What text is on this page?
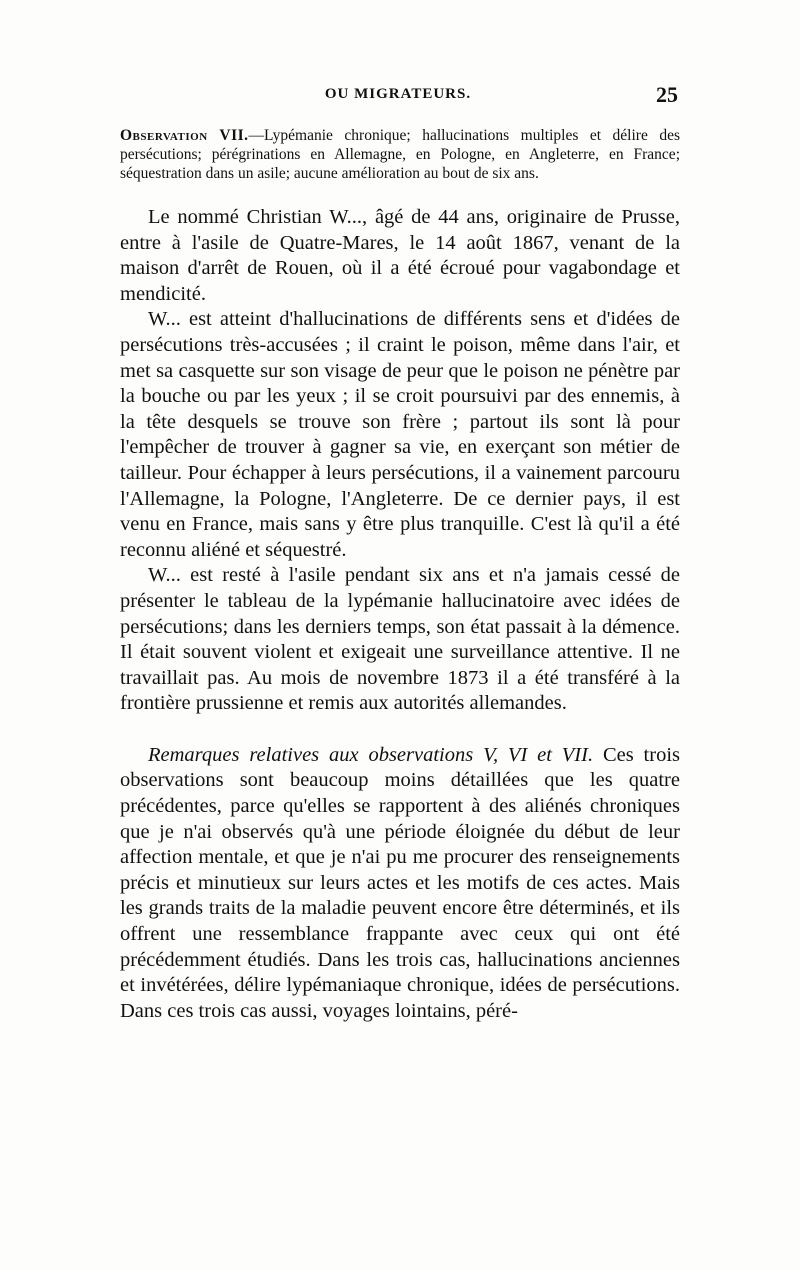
OU MIGRATEURS.	25
Observation VII.—Lypémanie chronique; hallucinations multiples et délire des persécutions; pérégrinations en Allemagne, en Pologne, en Angleterre, en France; séquestration dans un asile; aucune amélioration au bout de six ans.

Le nommé Christian W..., âgé de 44 ans, originaire de Prusse, entre à l'asile de Quatre-Mares, le 14 août 1867, venant de la maison d'arrêt de Rouen, où il a été écroué pour vagabondage et mendicité.

W... est atteint d'hallucinations de différents sens et d'idées de persécutions très-accusées ; il craint le poison, même dans l'air, et met sa casquette sur son visage de peur que le poison ne pénètre par la bouche ou par les yeux ; il se croit poursuivi par des ennemis, à la tête desquels se trouve son frère ; partout ils sont là pour l'empêcher de trouver à gagner sa vie, en exerçant son métier de tailleur. Pour échapper à leurs persécutions, il a vainement parcouru l'Allemagne, la Pologne, l'Angleterre. De ce dernier pays, il est venu en France, mais sans y être plus tranquille. C'est là qu'il a été reconnu aliéné et séquestré.

W... est resté à l'asile pendant six ans et n'a jamais cessé de présenter le tableau de la lypémanie hallucinatoire avec idées de persécutions; dans les derniers temps, son état passait à la démence. Il était souvent violent et exigeait une surveillance attentive. Il ne travaillait pas. Au mois de novembre 1873 il a été transféré à la frontière prussienne et remis aux autorités allemandes.

Remarques relatives aux observations V, VI et VII. Ces trois observations sont beaucoup moins détaillées que les quatre précédentes, parce qu'elles se rapportent à des aliénés chroniques que je n'ai observés qu'à une période éloignée du début de leur affection mentale, et que je n'ai pu me procurer des renseignements précis et minutieux sur leurs actes et les motifs de ces actes. Mais les grands traits de la maladie peuvent encore être déterminés, et ils offrent une ressemblance frappante avec ceux qui ont été précédemment étudiés. Dans les trois cas, hallucinations anciennes et invétérées, délire lypémaniaque chronique, idées de persécutions. Dans ces trois cas aussi, voyages lointains, péré-
